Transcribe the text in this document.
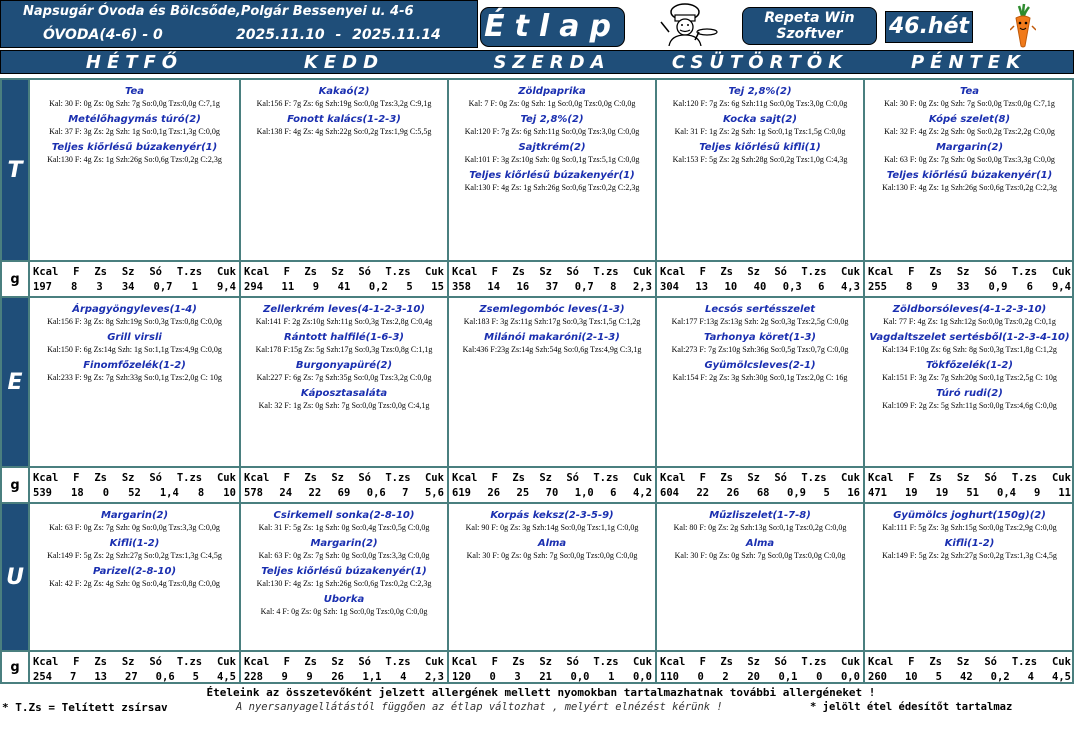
Napsugár Óvoda és Bölcsőde,Polgár Bessenyei u. 4-6
ÓVODA(4-6) - 0	2025.11.10 - 2025.11.14 Étlap	Repeta Win
Szoftver	46.hét
HÉTFŐ	KEDD	SZERDA	CSÜTÖRTÖK	PÉNTEK
T
g
Tea
Kal: 30 F: 0g Zs: 0g Szh: 7g So:0,0g Tzs:0,0g C:7,1g
Metélőhagymás túró(2)
Kal: 37 F: 3g Zs: 2g Szh: 1g So:0,1g Tzs:1,3g C:0,0g
Teljes kiőrlésű búzakenyér(1)
Kal:130 F: 4g Zs: 1g Szh:26g So:0,6g Tzs:0,2g C:2,3g
Kcal F Zs Sz Só T.zs Cuk
197 8 3 34 0,7 1 9,4
Kakaó(2)
Kal:156 F: 7g Zs: 6g Szh:19g So:0,0g Tzs:3,2g C:9,1g
Fonott kalács(1-2-3)
Kal:138 F: 4g Zs: 4g Szh:22g So:0,2g Tzs:1,9g C:5,5g
Kcal F Zs Sz Só T.zs Cuk
294 11 9 41 0,2 5 15
Zöldpaprika
Kal: 7 F: 0g Zs: 0g Szh: 1g So:0,0g Tzs:0,0g C:0,0g
Tej 2,8%(2)
Kal:120 F: 7g Zs: 6g Szh:11g So:0,0g Tzs:3,0g C:0,0g
Sajtkrém(2)
Kal:101 F: 3g Zs:10g Szh: 0g So:0,1g Tzs:5,1g C:0,0g
Teljes kiőrlésű búzakenyér(1)
Kal:130 F: 4g Zs: 1g Szh:26g So:0,6g Tzs:0,2g C:2,3g
Kcal F Zs Sz Só T.zs Cuk
358 14 16 37 0,7 8 2,3
Tej 2,8%(2)
Kal:120 F: 7g Zs: 6g Szh:11g So:0,0g Tzs:3,0g C:0,0g
Kocka sajt(2)
Kal: 31 F: 1g Zs: 2g Szh: 1g So:0,1g Tzs:1,5g C:0,0g
Teljes kiőrlésű kifli(1)
Kal:153 F: 5g Zs: 2g Szh:28g So:0,2g Tzs:1,0g C:4,3g
Kcal F Zs Sz Só T.zs Cuk
304 13 10 40 0,3 6 4,3
Tea
Kal: 30 F: 0g Zs: 0g Szh: 7g So:0,0g Tzs:0,0g C:7,1g
Kópé szelet(8)
Kal: 32 F: 4g Zs: 2g Szh: 0g So:0,2g Tzs:2,2g C:0,0g
Margarin(2)
Kal: 63 F: 0g Zs: 7g Szh: 0g So:0,0g Tzs:3,3g C:0,0g
Teljes kiőrlésű búzakenyér(1)
Kal:130 F: 4g Zs: 1g Szh:26g So:0,6g Tzs:0,2g C:2,3g
Kcal F Zs Sz Só T.zs Cuk
255 8 9 33 0,9 6 9,4
E
g
Árpagyöngyleves(1-4)
Kal:156 F: 3g Zs: 8g Szh:19g So:0,3g Tzs:0,8g C:0,0g
Grill virsli
Kal:150 F: 6g Zs:14g Szh: 1g So:1,1g Tzs:4,9g C:0,0g
Finomfőzelék(1-2)
Kal:233 F: 9g Zs: 7g Szh:33g So:0,1g Tzs:2,0g C: 10g
Kcal F Zs Sz Só T.zs Cuk
539 18 0 52 1,4 8 10
Zellerkrém leves(4-1-2-3-10)
Kal:141 F: 2g Zs:10g Szh:11g So:0,3g Tzs:2,8g C:0,4g
Rántott halfilé(1-6-3)
Kal:178 F:15g Zs: 5g Szh:17g So:0,3g Tzs:0,8g C:1,1g
Burgonyapüré(2)
Kal:227 F: 6g Zs: 7g Szh:35g So:0,0g Tzs:3,2g C:0,0g
Káposztasaláta
Kal: 32 F: 1g Zs: 0g Szh: 7g So:0,0g Tzs:0,0g C:4,1g
Kcal F Zs Sz Só T.zs Cuk
578 24 22 69 0,6 7 5,6
Zsemlegombóc leves(1-3)
Kal:183 F: 3g Zs:11g Szh:17g So:0,3g Tzs:1,5g C:1,2g
Milánói makaróni(2-1-3)
Kal:436 F:23g Zs:14g Szh:54g So:0,6g Tzs:4,9g C:3,1g
Kcal F Zs Sz Só T.zs Cuk
619 26 25 70 1,0 6 4,2
Lecsós sertésszelet
Kal:177 F:13g Zs:13g Szh: 2g So:0,3g Tzs:2,5g C:0,0g
Tarhonya köret(1-3)
Kal:273 F: 7g Zs:10g Szh:36g So:0,5g Tzs:0,7g C:0,0g
Gyümölcsleves(2-1)
Kal:154 F: 2g Zs: 3g Szh:30g So:0,1g Tzs:2,0g C: 16g
Kcal F Zs Sz Só T.zs Cuk
604 22 26 68 0,9 5 16
Zöldborsóleves(4-1-2-3-10)
Kal: 77 F: 4g Zs: 1g Szh:12g So:0,0g Tzs:0,2g C:0,1g
Vagdaltszelet sertésből(1-2-3-4-10)
Kal:134 F:10g Zs: 6g Szh: 8g So:0,3g Tzs:1,8g C:1,2g
Tökfőzelék(1-2)
Kal:151 F: 3g Zs: 7g Szh:20g So:0,1g Tzs:2,5g C: 10g
Túró rudi(2)
Kal:109 F: 2g Zs: 5g Szh:11g So:0,0g Tzs:4,6g C:0,0g
Kcal F Zs Sz Só T.zs Cuk
471 19 19 51 0,4 9 11
U
g
Margarin(2)
Kal: 63 F: 0g Zs: 7g Szh: 0g So:0,0g Tzs:3,3g C:0,0g
Kifli(1-2)
Kal:149 F: 5g Zs: 2g Szh:27g So:0,2g Tzs:1,3g C:4,5g
Parizel(2-8-10)
Kal: 42 F: 2g Zs: 4g Szh: 0g So:0,4g Tzs:0,8g C:0,0g
Kcal F Zs Sz Só T.zs Cuk
254 7 13 27 0,6 5 4,5
Csirkemell sonka(2-8-10)
Kal: 31 F: 5g Zs: 1g Szh: 0g So:0,4g Tzs:0,5g C:0,0g
Margarin(2)
Kal: 63 F: 0g Zs: 7g Szh: 0g So:0,0g Tzs:3,3g C:0,0g
Teljes kiőrlésű búzakenyér(1)
Kal:130 F: 4g Zs: 1g Szh:26g So:0,6g Tzs:0,2g C:2,3g
Uborka
Kal: 4 F: 0g Zs: 0g Szh: 1g So:0,0g Tzs:0,0g C:0,0g
Kcal F Zs Sz Só T.zs Cuk
228 9 9 26 1,1 4 2,3
Korpás keksz(2-3-5-9)
Kal: 90 F: 0g Zs: 3g Szh:14g So:0,0g Tzs:1,1g C:0,0g
Alma
Kal: 30 F: 0g Zs: 0g Szh: 7g So:0,0g Tzs:0,0g C:0,0g
Kcal F Zs Sz Só T.zs Cuk
120 0 3 21 0,0 1 0,0
Műzliszelet(1-7-8)
Kal: 80 F: 0g Zs: 2g Szh:13g So:0,1g Tzs:0,2g C:0,0g
Alma
Kal: 30 F: 0g Zs: 0g Szh: 7g So:0,0g Tzs:0,0g C:0,0g
Kcal F Zs Sz Só T.zs Cuk
110 0 2 20 0,1 0 0,0
Gyümölcs joghurt(150g)(2)
Kal:111 F: 5g Zs: 3g Szh:15g So:0,0g Tzs:2,9g C:0,0g
Kifli(1-2)
Kal:149 F: 5g Zs: 2g Szh:27g So:0,2g Tzs:1,3g C:4,5g
Kcal F Zs Sz Só T.zs Cuk
260 10 5 42 0,2 4 4,5
Ételeink az összetevőként jelzett allergének mellett nyomokban tartalmazhatnak további allergéneket !
* T.Zs = Telített zsírsav	A nyersanyagellátástól függően az étlap változhat , melyért elnézést kérünk !	* jelölt étel édesítőt tartalmaz
